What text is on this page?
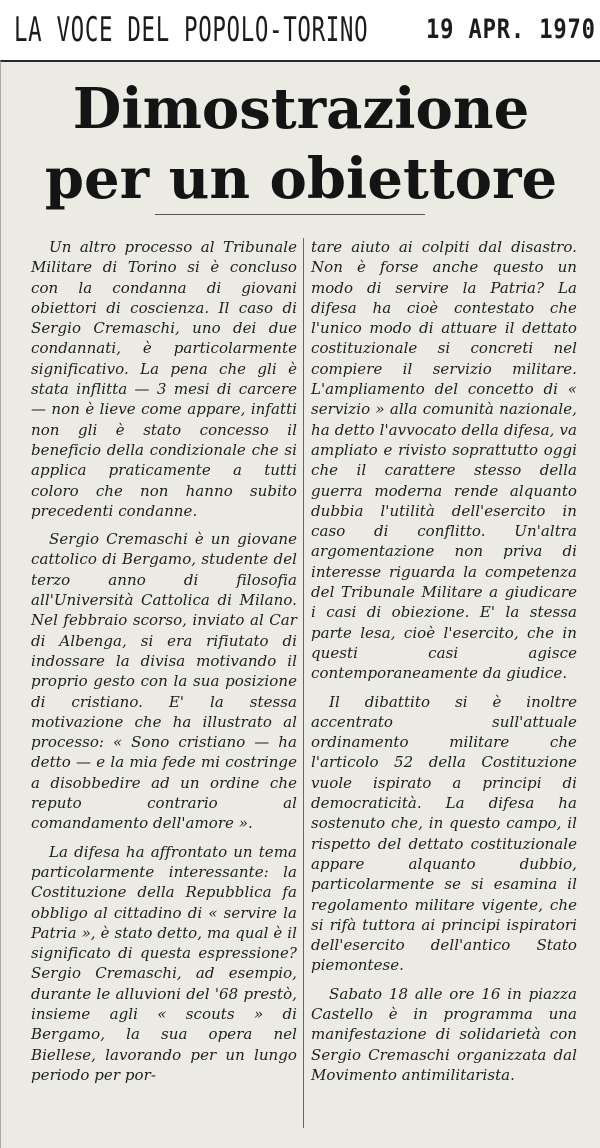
LA VOCE DEL POPOLO-TORINO 19 APR. 1970
Dimostrazione
per un obiettore

Un altro processo al Tribunale Militare di Torino si è concluso con la condanna di giovani obiettori di coscienza. Il caso di Sergio Cremaschi, uno dei due condannati, è particolarmente significativo. La pena che gli è stata inflitta — 3 mesi di carcere — non è lieve come appare, infatti non gli è stato concesso il beneficio della condizionale che si applica praticamente a tutti coloro che non hanno subito precedenti condanne.

Sergio Cremaschi è un giovane cattolico di Bergamo, studente del terzo anno di filosofia all'Università Cattolica di Milano. Nel febbraio scorso, inviato al Car di Albenga, si era rifiutato di indossare la divisa motivando il proprio gesto con la sua posizione di cristiano. E' la stessa motivazione che ha illustrato al processo: « Sono cristiano — ha detto — e la mia fede mi costringe a disobbedire ad un ordine che reputo contrario al comandamento dell'amore ».

La difesa ha affrontato un tema particolarmente interessante: la Costituzione della Repubblica fa obbligo al cittadino di « servire la Patria », è stato detto, ma qual è il significato di questa espressione? Sergio Cremaschi, ad esempio, durante le alluvioni del '68 prestò, insieme agli « scouts » di Bergamo, la sua opera nel Biellese, lavorando per un lungo periodo per por-

tare aiuto ai colpiti dal disastro. Non è forse anche questo un modo di servire la Patria? La difesa ha cioè contestato che l'unico modo di attuare il dettato costituzionale si concreti nel compiere il servizio militare. L'ampliamento del concetto di « servizio » alla comunità nazionale, ha detto l'avvocato della difesa, va ampliato e rivisto soprattutto oggi che il carattere stesso della guerra moderna rende alquanto dubbia l'utilità dell'esercito in caso di conflitto. Un'altra argomentazione non priva di interesse riguarda la competenza del Tribunale Militare a giudicare i casi di obiezione. E' la stessa parte lesa, cioè l'esercito, che in questi casi agisce contemporaneamente da giudice.

Il dibattito si è inoltre accentrato sull'attuale ordinamento militare che l'articolo 52 della Costituzione vuole ispirato a principi di democraticità. La difesa ha sostenuto che, in questo campo, il rispetto del dettato costituzionale appare alquanto dubbio, particolarmente se si esamina il regolamento militare vigente, che si rifà tuttora ai principi ispiratori dell'esercito dell'antico Stato piemontese.

Sabato 18 alle ore 16 in piazza Castello è in programma una manifestazione di solidarietà con Sergio Cremaschi organizzata dal Movimento antimilitarista.
